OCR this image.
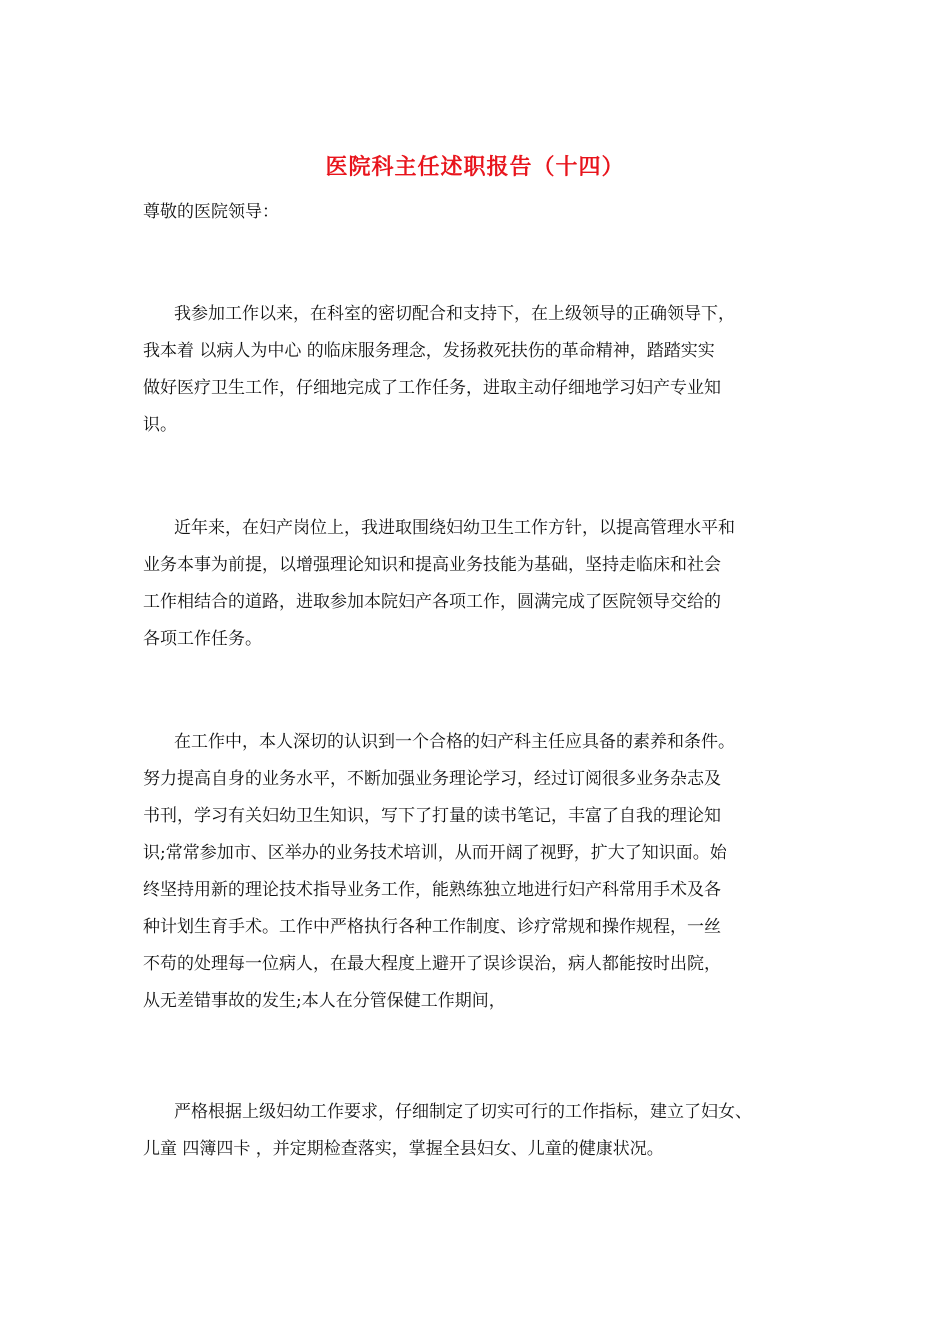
医院科主任述职报告（十四）
尊敬的医院领导：
我参加工作以来，在科室的密切配合和支持下，在上级领导的正确领导下，
我本着 以病人为中心 的临床服务理念，发扬救死扶伤的革命精神，踏踏实实
做好医疗卫生工作，仔细地完成了工作任务，进取主动仔细地学习妇产专业知
识。
近年来，在妇产岗位上，我进取围绕妇幼卫生工作方针，以提高管理水平和
业务本事为前提，以增强理论知识和提高业务技能为基础，坚持走临床和社会
工作相结合的道路，进取参加本院妇产各项工作，圆满完成了医院领导交给的
各项工作任务。
在工作中，本人深切的认识到一个合格的妇产科主任应具备的素养和条件。
努力提高自身的业务水平，不断加强业务理论学习，经过订阅很多业务杂志及
书刊，学习有关妇幼卫生知识，写下了打量的读书笔记，丰富了自我的理论知
识;常常参加市、区举办的业务技术培训，从而开阔了视野，扩大了知识面。始
终坚持用新的理论技术指导业务工作，能熟练独立地进行妇产科常用手术及各
种计划生育手术。工作中严格执行各种工作制度、诊疗常规和操作规程，一丝
不苟的处理每一位病人，在最大程度上避开了误诊误治，病人都能按时出院，
从无差错事故的发生;本人在分管保健工作期间，
严格根据上级妇幼工作要求，仔细制定了切实可行的工作指标，建立了妇女、
儿童 四簿四卡 ，并定期检查落实，掌握全县妇女、儿童的健康状况。
